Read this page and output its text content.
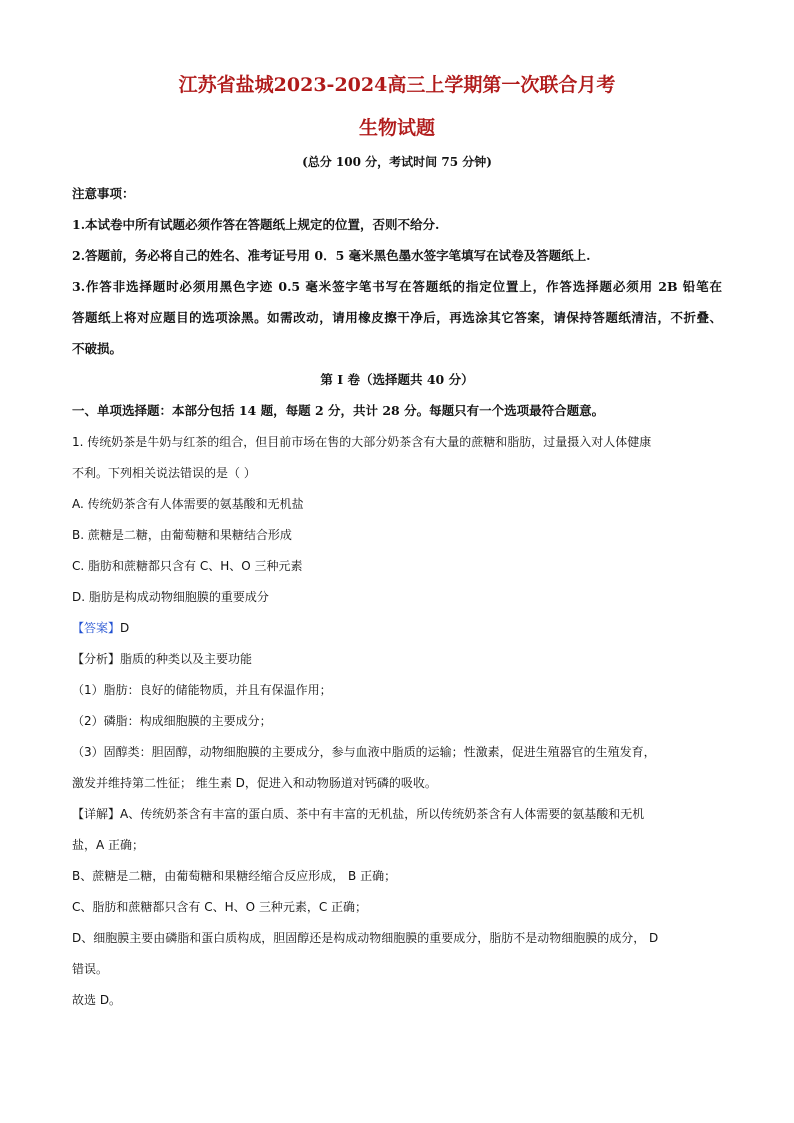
江苏省盐城2023-2024高三上学期第一次联合月考
生物试题
(总分 100 分，考试时间 75 分钟)
注意事项：
1.本试卷中所有试题必须作答在答题纸上规定的位置，否则不给分.
2.答题前，务必将自己的姓名、准考证号用 0．5 毫米黑色墨水签字笔填写在试卷及答题纸上.
3.作答非选择题时必须用黑色字迹 0.5 毫米签字笔书写在答题纸的指定位置上，作答选择题必须用 2B 铅笔在
答题纸上将对应题目的选项涂黑。如需改动，请用橡皮擦干净后，再选涂其它答案，请保持答题纸清洁，不折叠、
不破损。
第 I 卷（选择题共 40 分）
一、单项选择题：本部分包括 14 题，每题 2 分，共计 28 分。每题只有一个选项最符合题意。
1. 传统奶茶是牛奶与红茶的组合，但目前市场在售的大部分奶茶含有大量的蔗糖和脂肪，过量摄入对人体健康
不利。下列相关说法错误的是（ ）
A. 传统奶茶含有人体需要的氨基酸和无机盐
B. 蔗糖是二糖，由葡萄糖和果糖结合形成
C. 脂肪和蔗糖都只含有 C、H、O 三种元素
D. 脂肪是构成动物细胞膜的重要成分
【答案】D
【分析】脂质的种类以及主要功能
（1）脂肪：良好的储能物质，并且有保温作用；
（2）磷脂：构成细胞膜的主要成分；
（3）固醇类：胆固醇，动物细胞膜的主要成分，参与血液中脂质的运输；性激素，促进生殖器官的生殖发育，
激发并维持第二性征； 维生素 D，促进入和动物肠道对钙磷的吸收。
【详解】A、传统奶茶含有丰富的蛋白质、茶中有丰富的无机盐，所以传统奶茶含有人体需要的氨基酸和无机
盐，A 正确；
B、蔗糖是二糖，由葡萄糖和果糖经缩合反应形成， B 正确；
C、脂肪和蔗糖都只含有 C、H、O 三种元素，C 正确；
D、细胞膜主要由磷脂和蛋白质构成，胆固醇还是构成动物细胞膜的重要成分，脂肪不是动物细胞膜的成分， D
错误。
故选 D。
